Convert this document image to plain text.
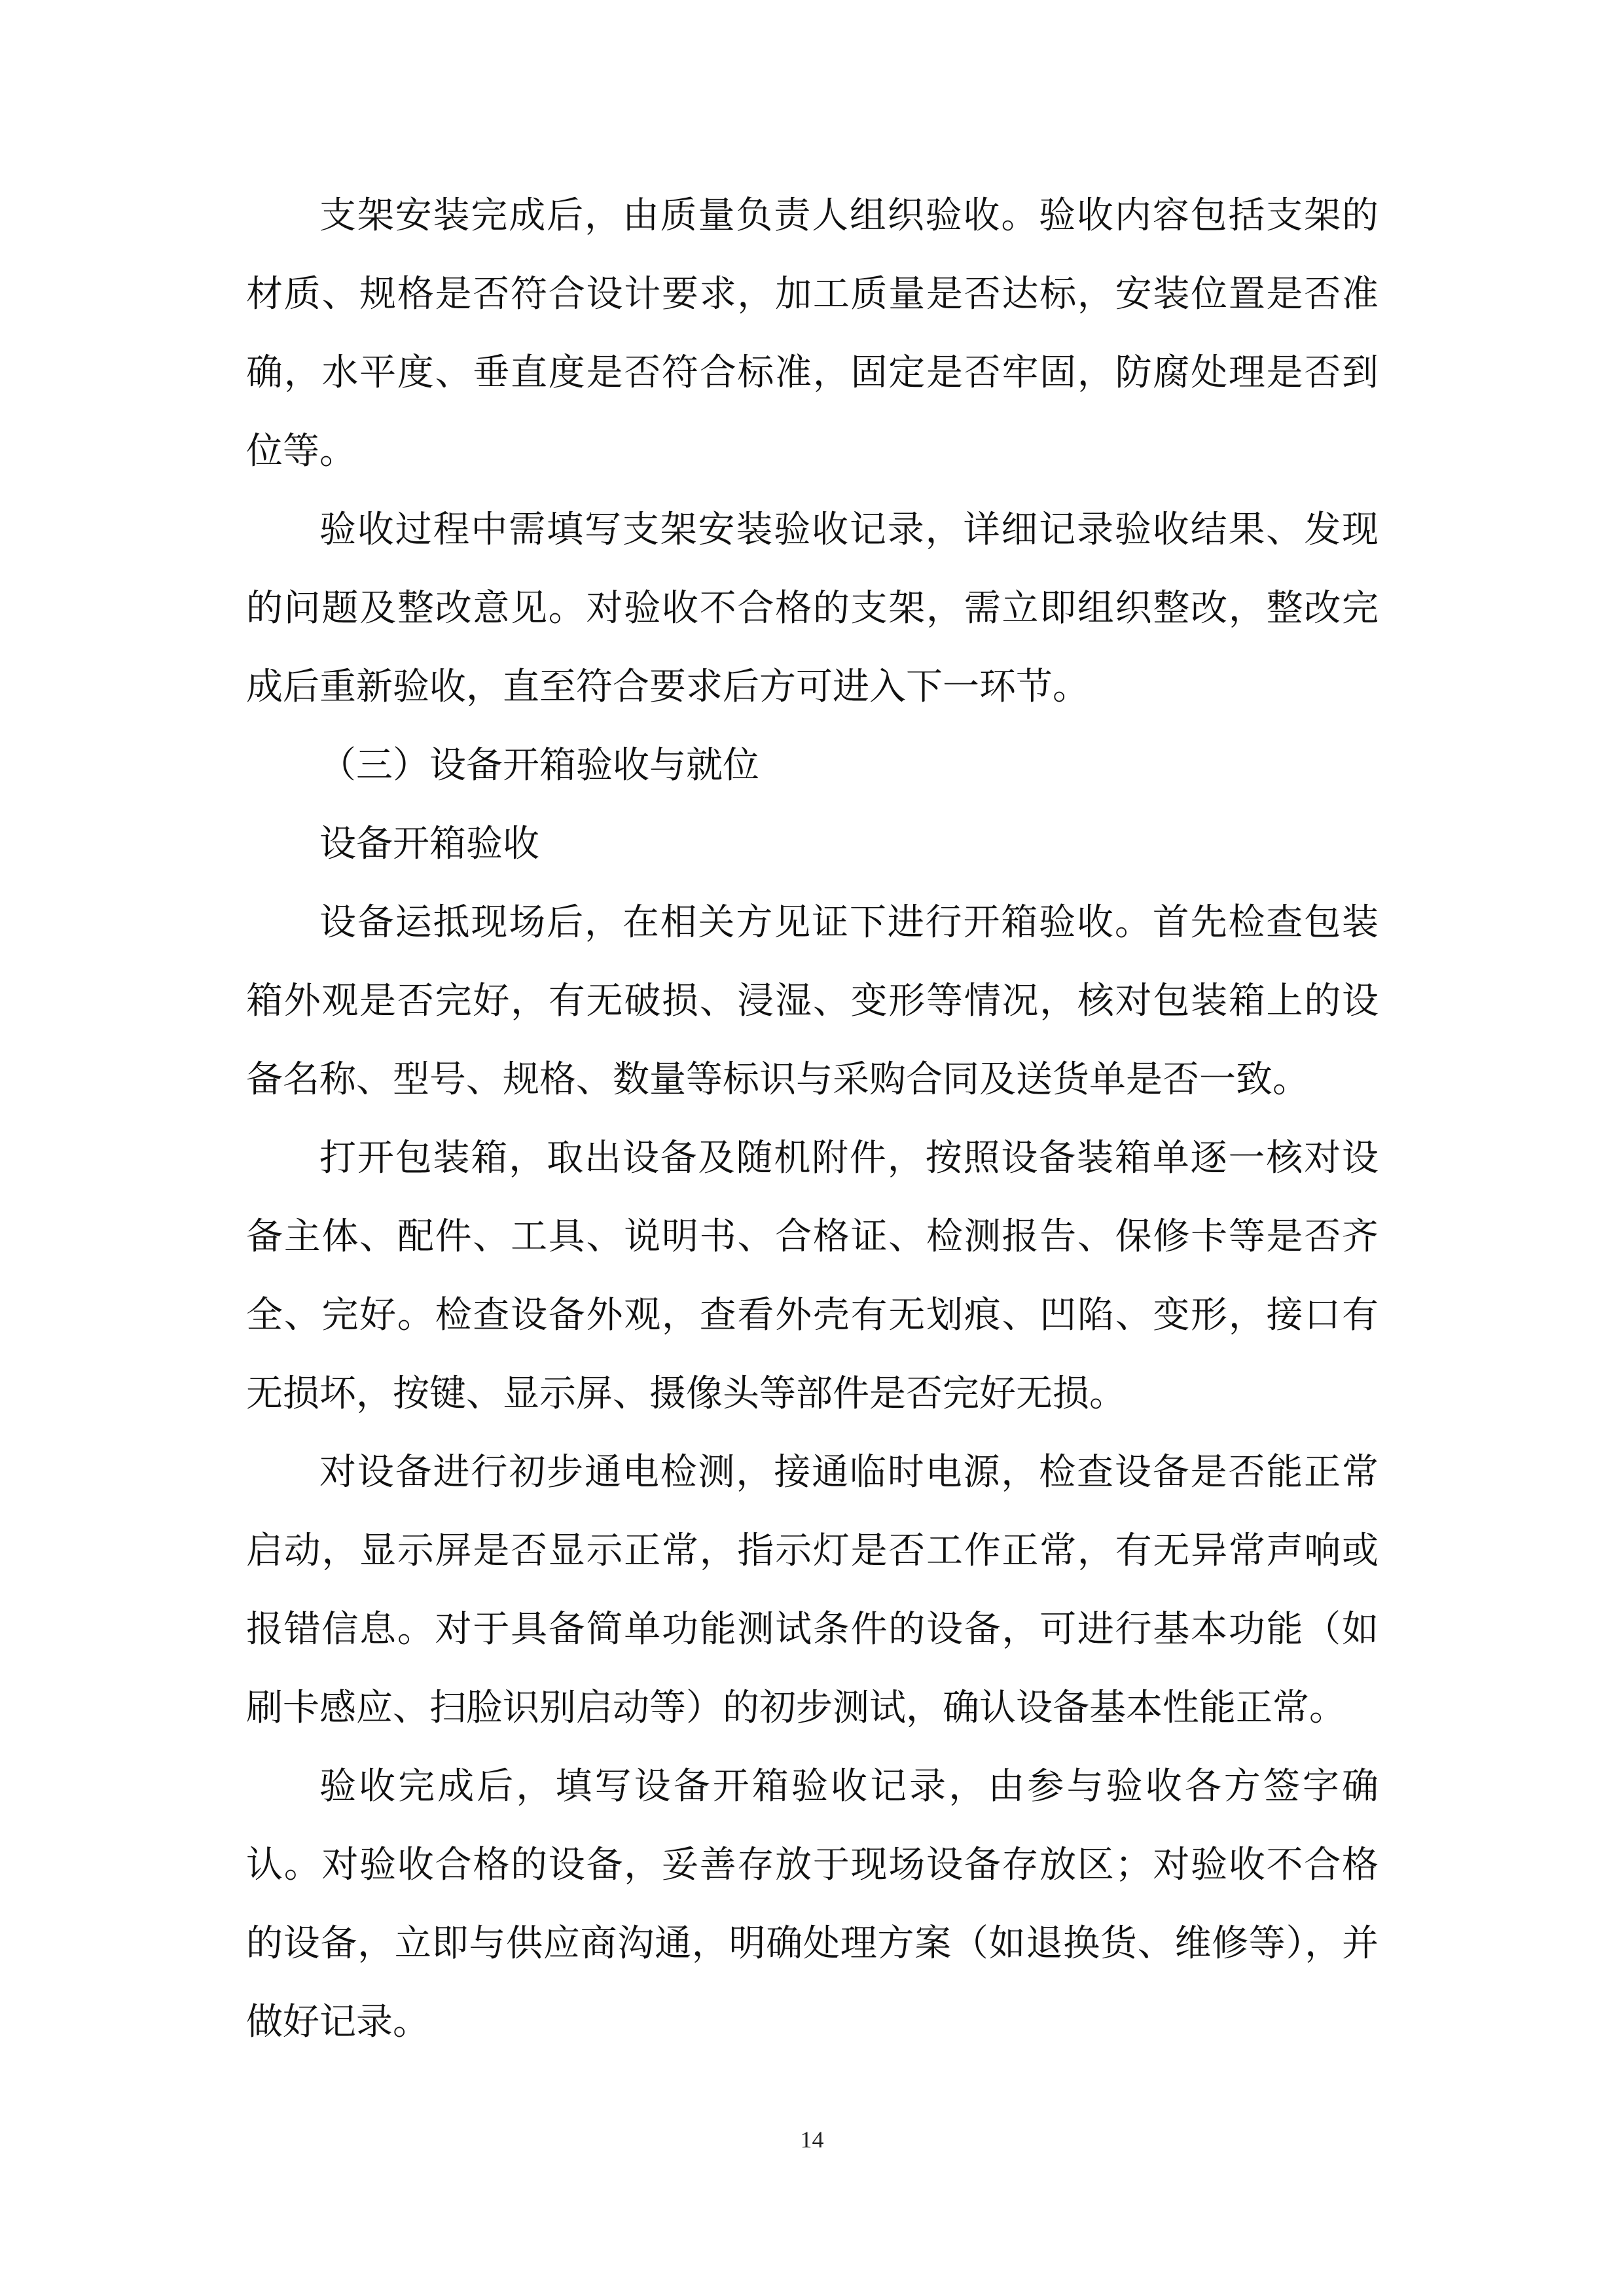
支架安装完成后，由质量负责人组织验收。验收内容包括支架的材质、规格是否符合设计要求，加工质量是否达标，安装位置是否准确，水平度、垂直度是否符合标准，固定是否牢固，防腐处理是否到位等。

验收过程中需填写支架安装验收记录，详细记录验收结果、发现的问题及整改意见。对验收不合格的支架，需立即组织整改，整改完成后重新验收，直至符合要求后方可进入下一环节。

（三）设备开箱验收与就位

设备开箱验收

设备运抵现场后，在相关方见证下进行开箱验收。首先检查包装箱外观是否完好，有无破损、浸湿、变形等情况，核对包装箱上的设备名称、型号、规格、数量等标识与采购合同及送货单是否一致。

打开包装箱，取出设备及随机附件，按照设备装箱单逐一核对设备主体、配件、工具、说明书、合格证、检测报告、保修卡等是否齐全、完好。检查设备外观，查看外壳有无划痕、凹陷、变形，接口有无损坏，按键、显示屏、摄像头等部件是否完好无损。

对设备进行初步通电检测，接通临时电源，检查设备是否能正常启动，显示屏是否显示正常，指示灯是否工作正常，有无异常声响或报错信息。对于具备简单功能测试条件的设备，可进行基本功能（如刷卡感应、扫脸识别启动等）的初步测试，确认设备基本性能正常。

验收完成后，填写设备开箱验收记录，由参与验收各方签字确认。对验收合格的设备，妥善存放于现场设备存放区；对验收不合格的设备，立即与供应商沟通，明确处理方案（如退换货、维修等），并做好记录。

14
